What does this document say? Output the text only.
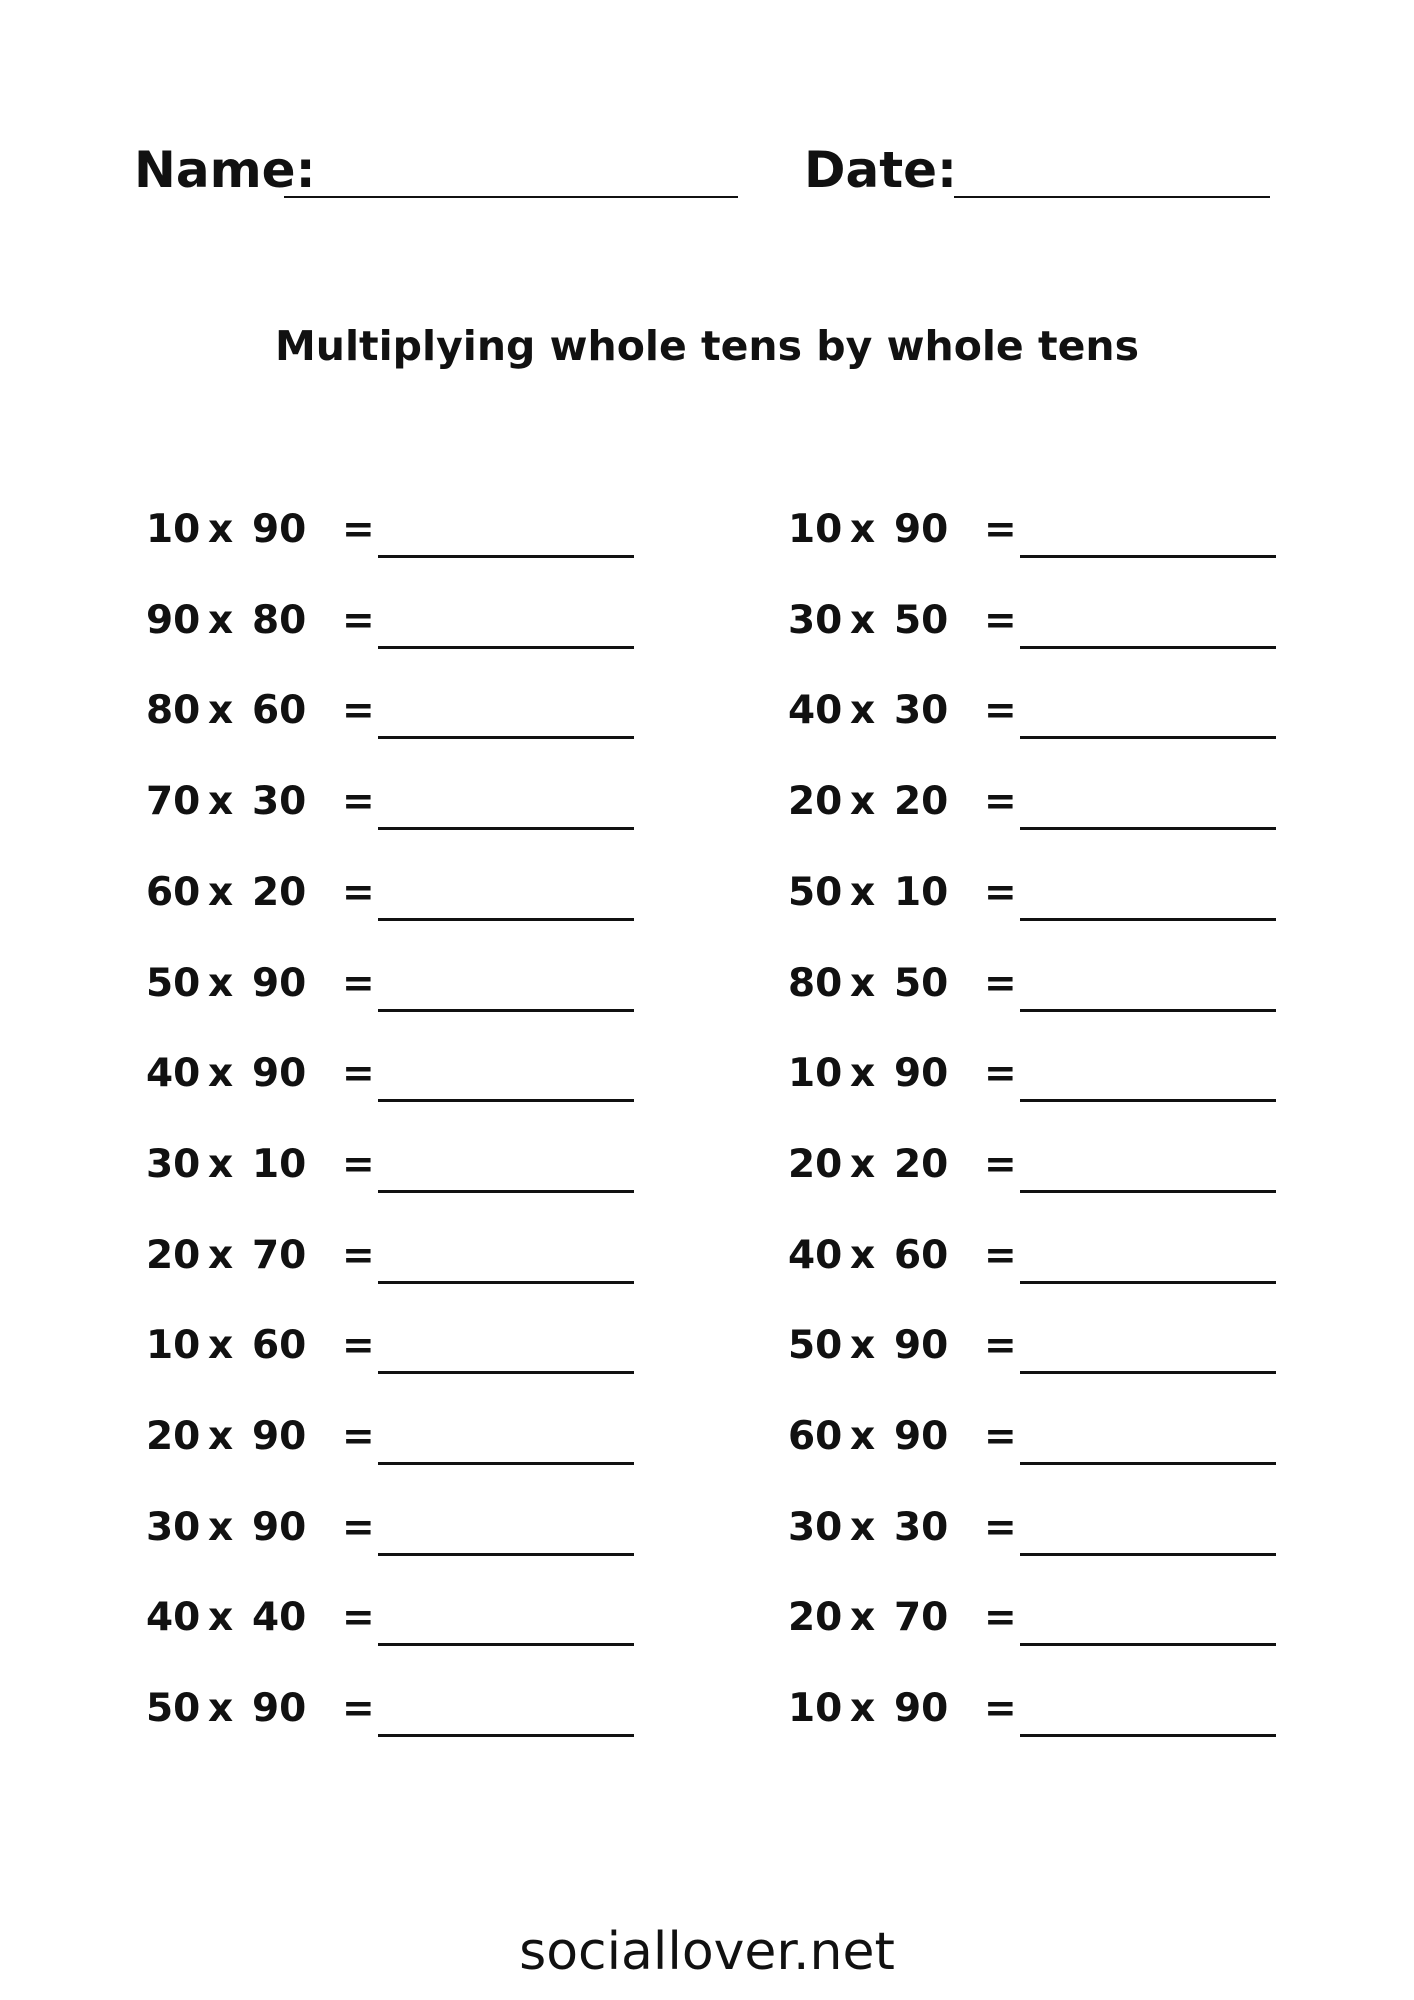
Name:	Date:
Multiplying whole tens by whole tens
10 x 90 =
90 x 80 =
80 x 60 =
70 x 30 =
60 x 20 =
50 x 90 =
40 x 90 =
30 x 10 =
20 x 70 =
10 x 60 =
20 x 90 =
30 x 90 =
40 x 40 =
50 x 90 =
10 x 90 =
30 x 50 =
40 x 30 =
20 x 20 =
50 x 10 =
80 x 50 =
10 x 90 =
20 x 20 =
40 x 60 =
50 x 90 =
60 x 90 =
30 x 30 =
20 x 70 =
10 x 90 =
sociallover.net
